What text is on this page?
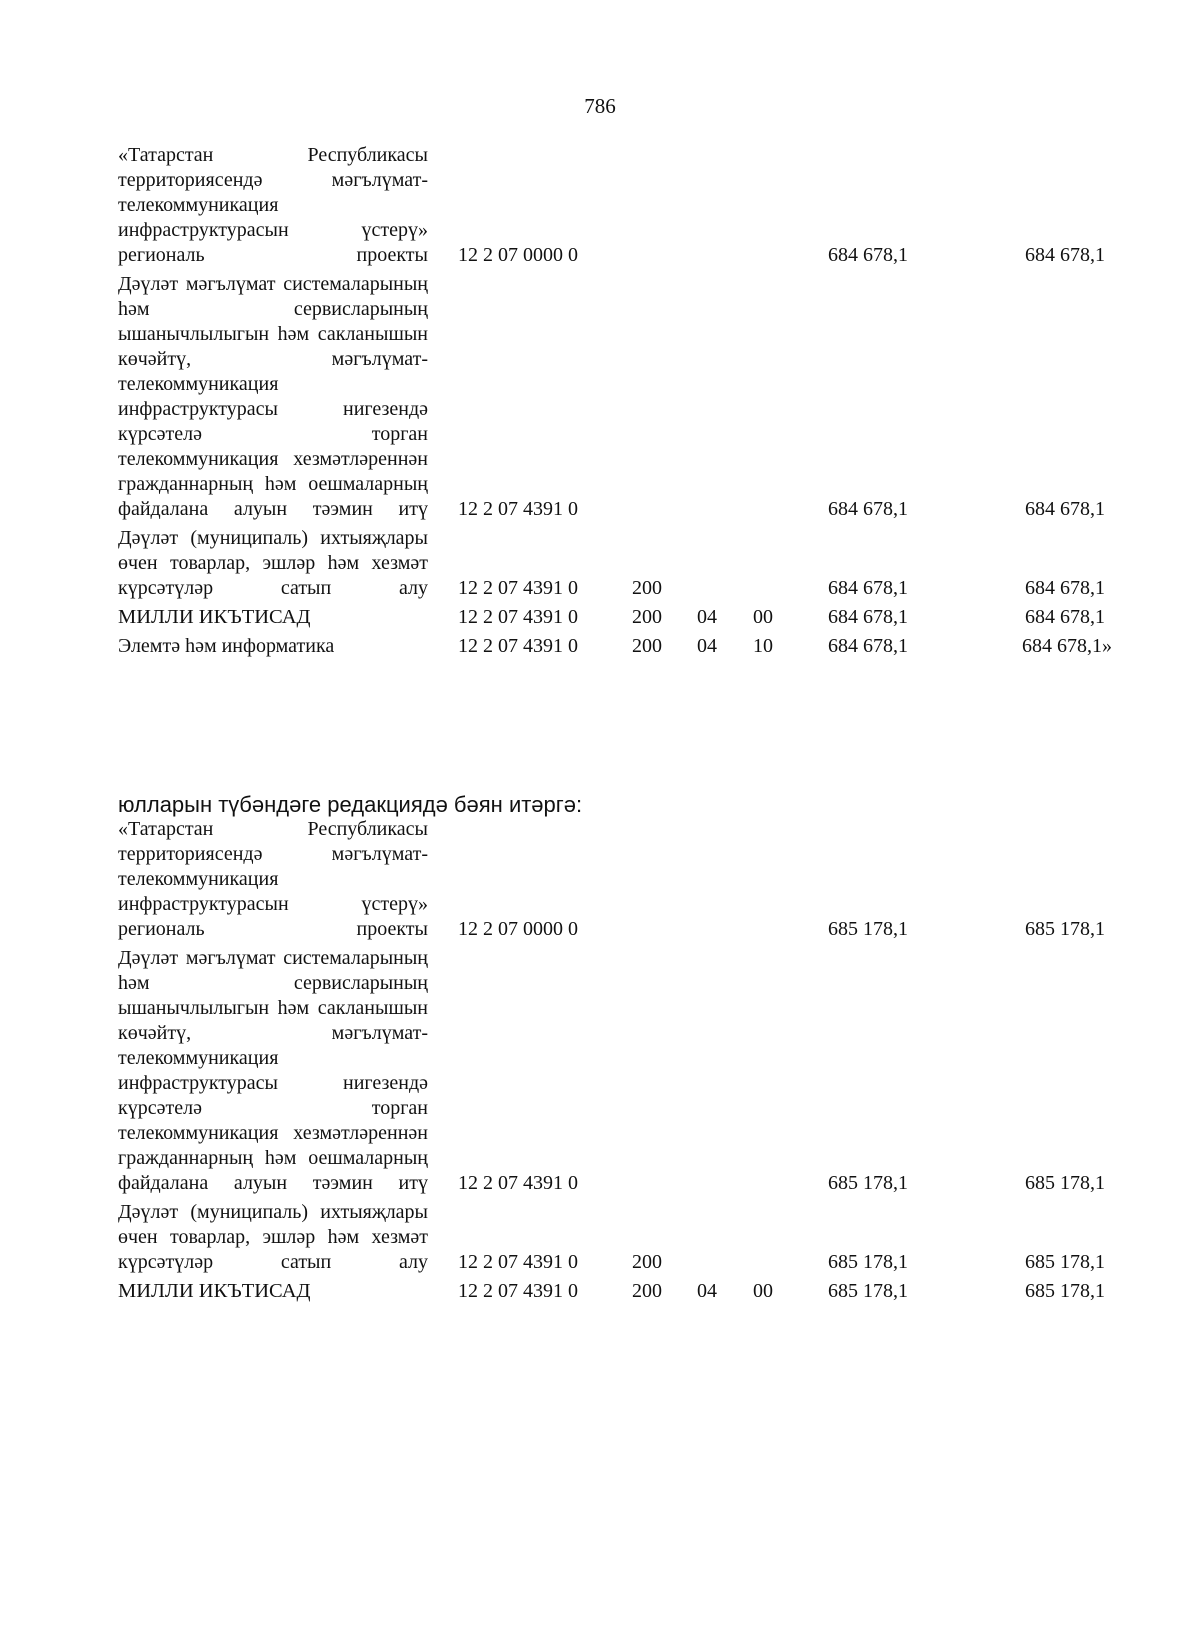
786
«Татарстан Республикасы территориясендә мәгълүмат-телекоммуникация инфраструктурасын үстерү» региональ проекты 12 2 07 0000 0	684 678,1	684 678,1
Дәүләт мәгълүмат системаларының һәм сервисларының ышанычлылыгын һәм сакланышын көчәйтү, мәгълүмат-телекоммуникация инфраструктурасы нигезендә күрсәтелә торган телекоммуникация хезмәтләреннән гражданнарның һәм оешмаларның файдалана алуын тәэмин итү 12 2 07 4391 0	684 678,1	684 678,1
Дәүләт (муниципаль) ихтыяҗлары өчен товарлар, эшләр һәм хезмәт күрсәтүләр сатып алу 12 2 07 4391 0	200	684 678,1	684 678,1
МИЛЛИ ИКЪТИСАД	12 2 07 4391 0	200 04 00	684 678,1	684 678,1
Элемтә һәм информатика	12 2 07 4391 0	200 04 10	684 678,1	684 678,1»
юлларын түбәндәге редакциядә бәян итәргә:
«Татарстан Республикасы территориясендә мәгълүмат-телекоммуникация инфраструктурасын үстерү» региональ проекты 12 2 07 0000 0	685 178,1	685 178,1
Дәүләт мәгълүмат системаларының һәм сервисларының ышанычлылыгын һәм сакланышын көчәйтү, мәгълүмат-телекоммуникация инфраструктурасы нигезендә күрсәтелә торган телекоммуникация хезмәтләреннән гражданнарның һәм оешмаларның файдалана алуын тәэмин итү 12 2 07 4391 0	685 178,1	685 178,1
Дәүләт (муниципаль) ихтыяҗлары өчен товарлар, эшләр һәм хезмәт күрсәтүләр сатып алу 12 2 07 4391 0	200	685 178,1	685 178,1
МИЛЛИ ИКЪТИСАД	12 2 07 4391 0	200 04 00	685 178,1	685 178,1
